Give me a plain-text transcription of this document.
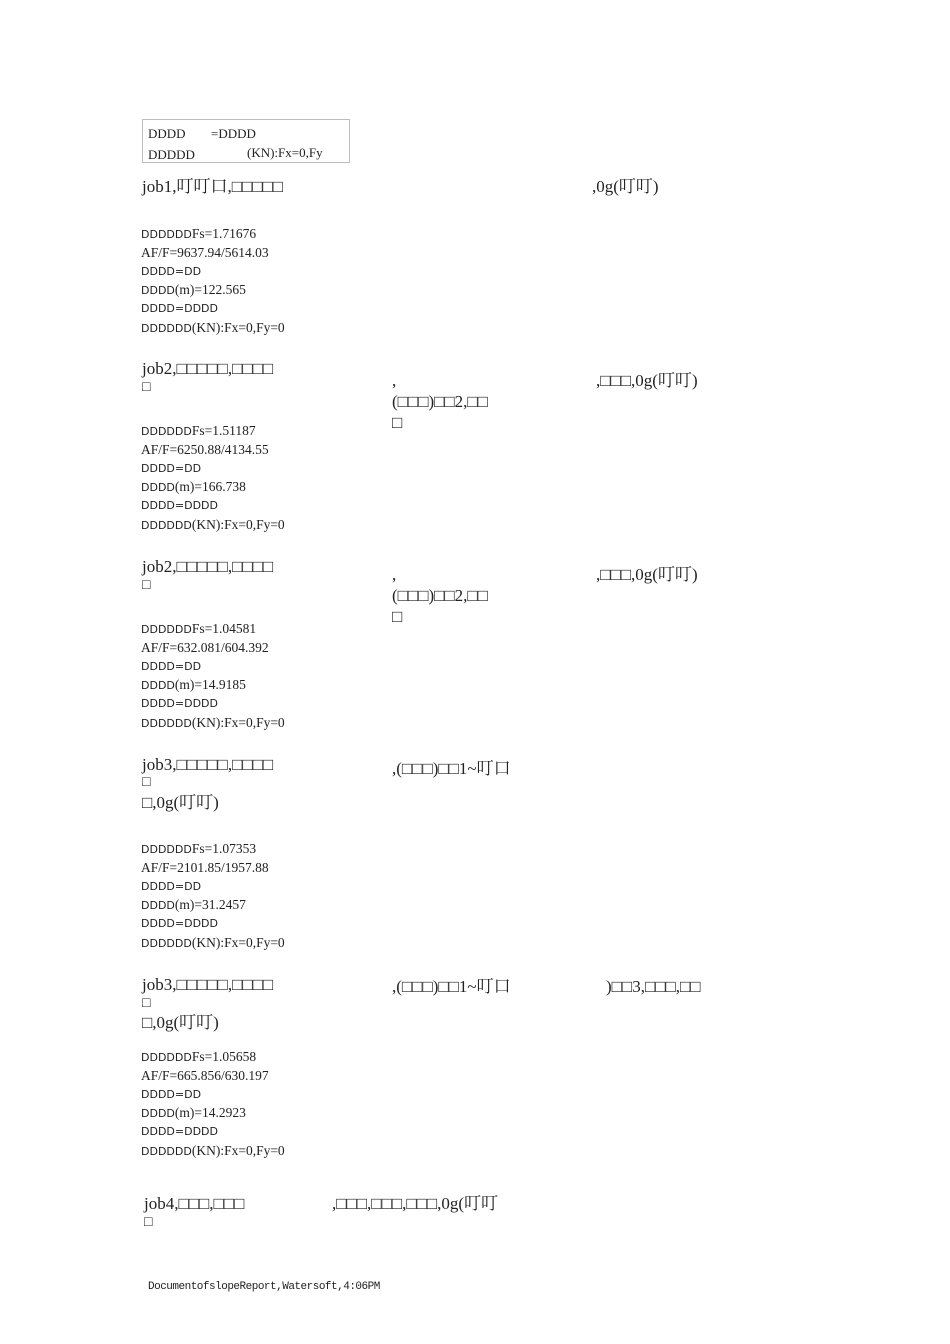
DDDD =DDDD
DDDDD	(KN):Fx=0,Fy
job1,叮叮口,□□□□□	,0g(叮叮)
DDDDDDFs=1.71676
AF/F=9637.94/5614.03
DDDD=DD
DDDD(m)=122.565
DDDD=DDDD
DDDDDD(KN):Fx=0,Fy=0
job2,□□□□□,□□□□
□	,
(□□□)□□2,□□
□
,□□□,0g(叮叮)
DDDDDDFs=1.51187
AF/F=6250.88/4134.55
DDDD=DD
DDDD(m)=166.738
DDDD=DDDD
DDDDDD(KN):Fx=0,Fy=0
job2,□□□□□,□□□□
□
,
(□□□)□□2,□□
□
,□□□,0g(叮叮)
DDDDDDFs=1.04581
AF/F=632.081/604.392
DDDD=DD
DDDD(m)=14.9185
DDDD=DDDD
DDDDDD(KN):Fx=0,Fy=0
job3,□□□□□,□□□□
□
□,0g(叮叮)
,(□□□)□□1~叮口
DDDDDDFs=1.07353
AF/F=2101.85/1957.88
DDDD=DD
DDDD(m)=31.2457
DDDD=DDDD
DDDDDD(KN):Fx=0,Fy=0
job3,□□□□□,□□□□
□
□,0g(叮叮)
,(□□□)□□1~叮口	)□□3,□□□,□□
DDDDDDFs=1.05658
AF/F=665.856/630.197
DDDD=DD
DDDD(m)=14.2923
DDDD=DDDD
DDDDDD(KN):Fx=0,Fy=0
job4,□□□,□□□
□
,□□□,□□□,□□□,0g(叮叮
DocumentofslopeReport,Watersoft,4:06PM
